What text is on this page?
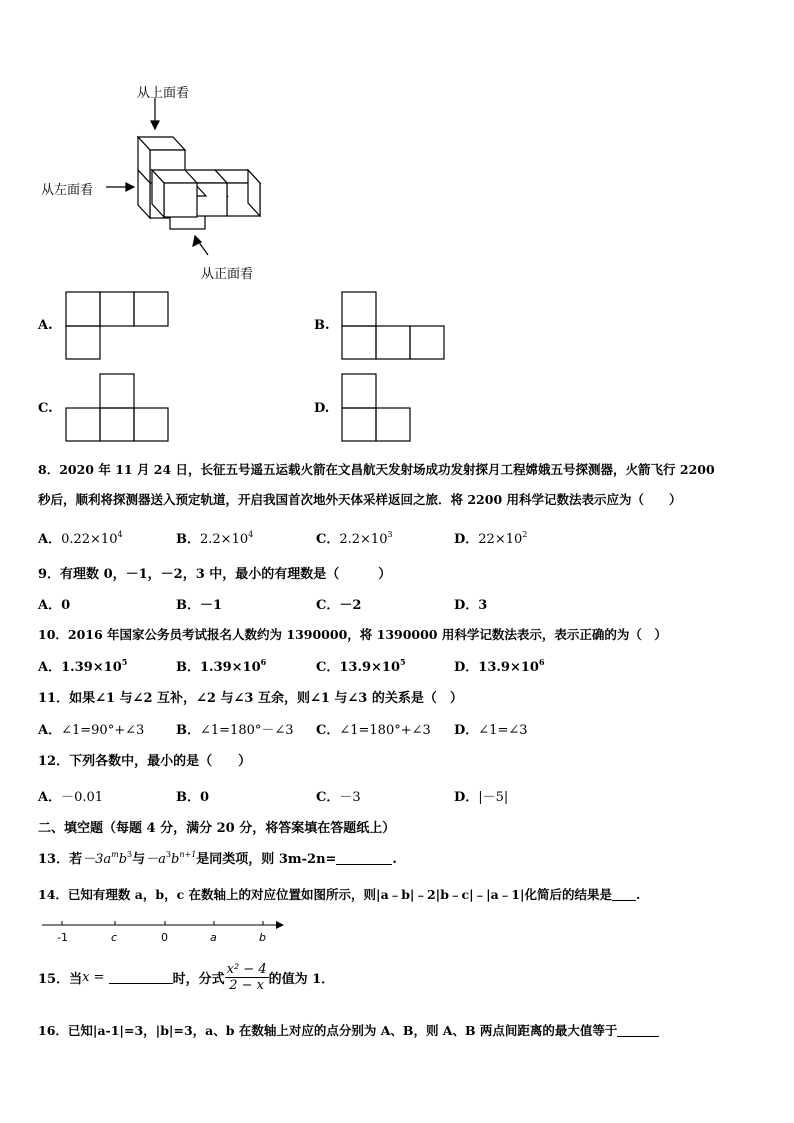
从上面看
从左面看
从正面看
A.	B.
C.	D.
8．2020 年 11 月 24 日，长征五号遥五运载火箭在文昌航天发射场成功发射探月工程嫦娥五号探测器，火箭飞行 2200
秒后，顺利将探测器送入预定轨道，开启我国首次地外天体采样返回之旅．将 2200 用科学记数法表示应为（　　）
A．$0.22\times 10^4$	B．$2.2\times 10^4$	C．$2.2\times 10^3$	D．$22\times 10^2$
9．有理数 0，－1，－2，3 中，最小的有理数是（　　　）
A．0	B．－1	C．－2	D．3
10．2016 年国家公务员考试报名人数约为 1390000，将 1390000 用科学记数法表示，表示正确的为（　）
A．$1.39\times 10^5$	B．$1.39\times 10^6$	C．$13.9\times 10^5$	D．$13.9\times 10^6$
11．如果∠1 与∠2 互补，∠2 与∠3 互余，则∠1 与∠3 的关系是（　）
A．∠1=90°+∠3 B．∠1=180°－∠3 C．∠1=180°+∠3 D．∠1=∠3
12．下列各数中，最小的是（　　）
A．－0.01	B．0	C．－3	D．|－5|
二、填空题（每题 4 分，满分 20 分，将答案填在答题纸上）
13．若$-3a^mb^3$与$-a^3b^{n+1}$是同类项，则 3m-2n=	.
14．已知有理数 a，b，c 在数轴上的对应位置如图所示，则|a﹣b|﹣2|b﹣c|﹣|a﹣1|化简后的结果是 .
-1	c	0	a	b
15．当x =	时，分式 $\frac{\text{x² − 4}}{2 - x}$ 的值为 1．
16．已知|a-1|=3，|b|=3，a、b 在数轴上对应的点分别为 A、B，则 A、B 两点间距离的最大值等于
